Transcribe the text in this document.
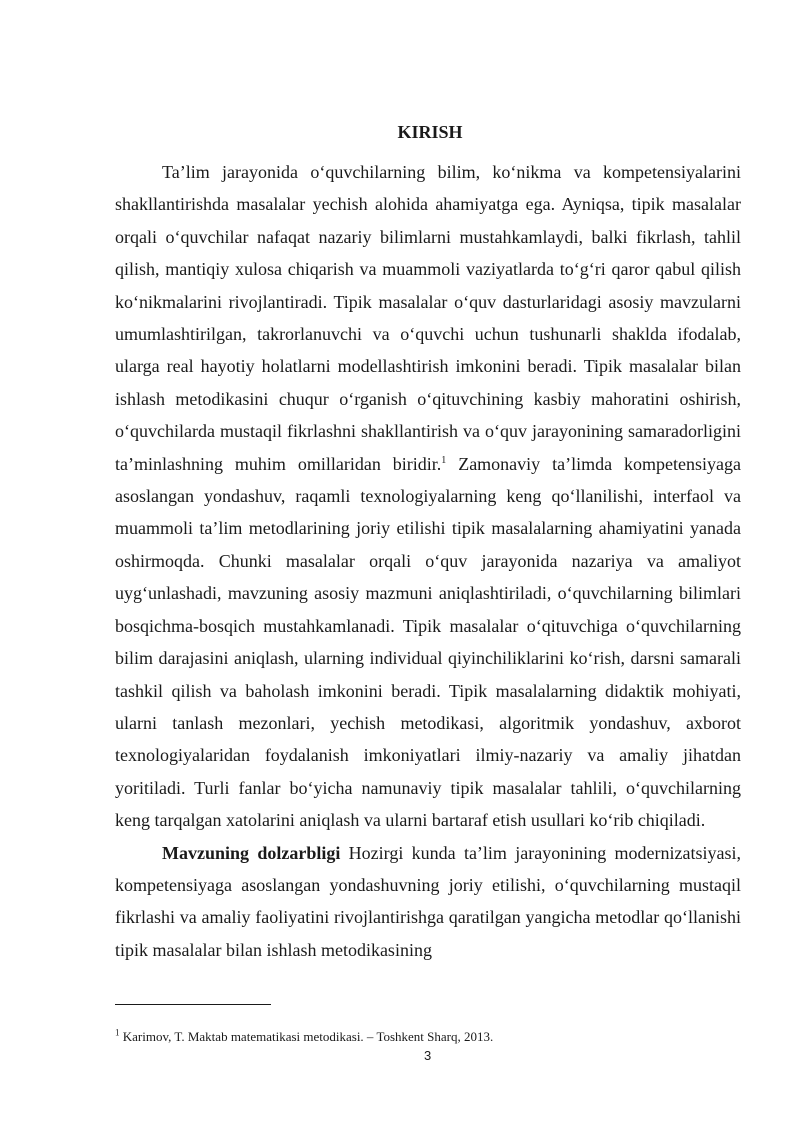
KIRISH

Ta’lim jarayonida o‘quvchilarning bilim, ko‘nikma va kompetensiyalarini shakllantirishda masalalar yechish alohida ahamiyatga ega. Ayniqsa, tipik masalalar orqali o‘quvchilar nafaqat nazariy bilimlarni mustahkamlaydi, balki fikrlash, tahlil qilish, mantiqiy xulosa chiqarish va muammoli vaziyatlarda to‘g‘ri qaror qabul qilish ko‘nikmalarini rivojlantiradi. Tipik masalalar o‘quv dasturlaridagi asosiy mavzularni umumlashtirilgan, takrorlanuvchi va o‘quvchi uchun tushunarli shaklda ifodalab, ularga real hayotiy holatlarni modellashtirish imkonini beradi. Tipik masalalar bilan ishlash metodikasini chuqur o‘rganish o‘qituvchining kasbiy mahoratini oshirish, o‘quvchilarda mustaqil fikrlashni shakllantirish va o‘quv jarayonining samaradorligini ta’minlashning muhim omillaridan biridir.$^1$ Zamonaviy ta’limda kompetensiyaga asoslangan yondashuv, raqamli texnologiyalarning keng qo‘llanilishi, interfaol va muammoli ta’lim metodlarining joriy etilishi tipik masalalarning ahamiyatini yanada oshirmoqda. Chunki masalalar orqali o‘quv jarayonida nazariya va amaliyot uyg‘unlashadi, mavzuning asosiy mazmuni aniqlashtiriladi, o‘quvchilarning bilimlari bosqichma-bosqich mustahkamlanadi. Tipik masalalar o‘qituvchiga o‘quvchilarning bilim darajasini aniqlash, ularning individual qiyinchiliklarini ko‘rish, darsni samarali tashkil qilish va baholash imkonini beradi. Tipik masalalarning didaktik mohiyati, ularni tanlash mezonlari, yechish metodikasi, algoritmik yondashuv, axborot texnologiyalaridan foydalanish imkoniyatlari ilmiy-nazariy va amaliy jihatdan yoritiladi. Turli fanlar bo‘yicha namunaviy tipik masalalar tahlili, o‘quvchilarning keng tarqalgan xatolarini aniqlash va ularni bartaraf etish usullari ko‘rib chiqiladi.

Mavzuning dolzarbligi Hozirgi kunda ta’lim jarayonining modernizatsiyasi, kompetensiyaga asoslangan yondashuvning joriy etilishi, o‘quvchilarning mustaqil fikrlashi va amaliy faoliyatini rivojlantirishga qaratilgan yangicha metodlar qo‘llanishi tipik masalalar bilan ishlash metodikasining

$^1$ Karimov, T. Maktab matematikasi metodikasi. – Toshkent Sharq, 2013.
3
